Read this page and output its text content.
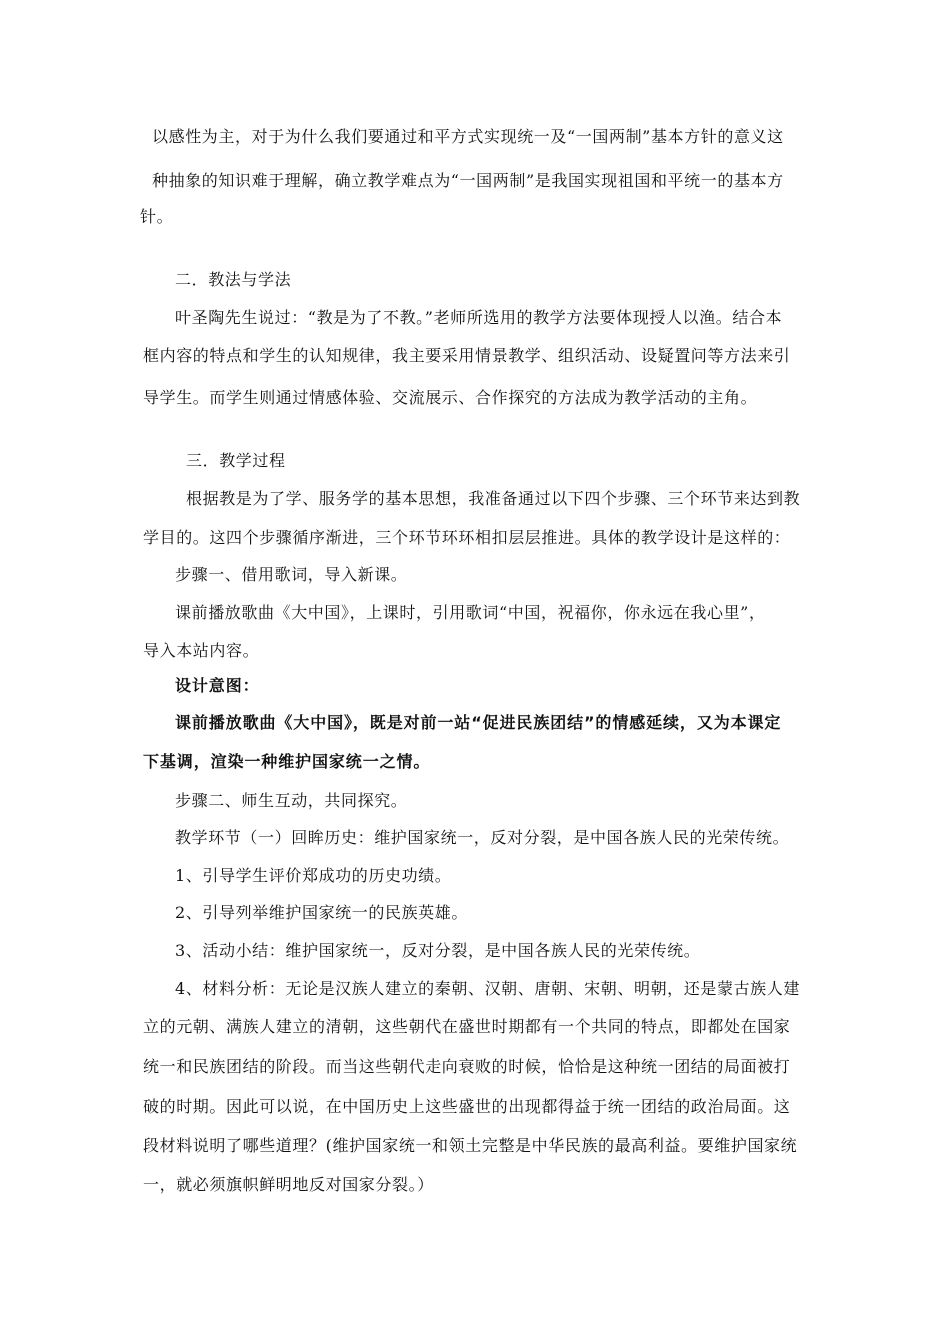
以感性为主，对于为什么我们要通过和平方式实现统一及“一国两制”基本方针的意义这
种抽象的知识难于理解，确立教学难点为“一国两制”是我国实现祖国和平统一的基本方
针。
二．教法与学法
叶圣陶先生说过：“教是为了不教。”老师所选用的教学方法要体现授人以渔。结合本
框内容的特点和学生的认知规律，我主要采用情景教学、组织活动、设疑置问等方法来引
导学生。而学生则通过情感体验、交流展示、合作探究的方法成为教学活动的主角。
三．教学过程
根据教是为了学、服务学的基本思想，我准备通过以下四个步骤、三个环节来达到教
学目的。这四个步骤循序渐进，三个环节环环相扣层层推进。具体的教学设计是这样的：
步骤一、借用歌词，导入新课。
课前播放歌曲《大中国》，上课时，引用歌词“中国，祝福你，你永远在我心里”，
导入本站内容。
设计意图：
课前播放歌曲《大中国》，既是对前一站“促进民族团结”的情感延续，又为本课定
下基调，渲染一种维护国家统一之情。
步骤二、师生互动，共同探究。
教学环节（一）回眸历史：维护国家统一，反对分裂，是中国各族人民的光荣传统。
1、引导学生评价郑成功的历史功绩。
2、引导列举维护国家统一的民族英雄。
3、活动小结：维护国家统一，反对分裂，是中国各族人民的光荣传统。
4、材料分析：无论是汉族人建立的秦朝、汉朝、唐朝、宋朝、明朝，还是蒙古族人建
立的元朝、满族人建立的清朝，这些朝代在盛世时期都有一个共同的特点，即都处在国家
统一和民族团结的阶段。而当这些朝代走向衰败的时候，恰恰是这种统一团结的局面被打
破的时期。因此可以说，在中国历史上这些盛世的出现都得益于统一团结的政治局面。这
段材料说明了哪些道理？(维护国家统一和领土完整是中华民族的最高利益。要维护国家统
一，就必须旗帜鲜明地反对国家分裂。）
